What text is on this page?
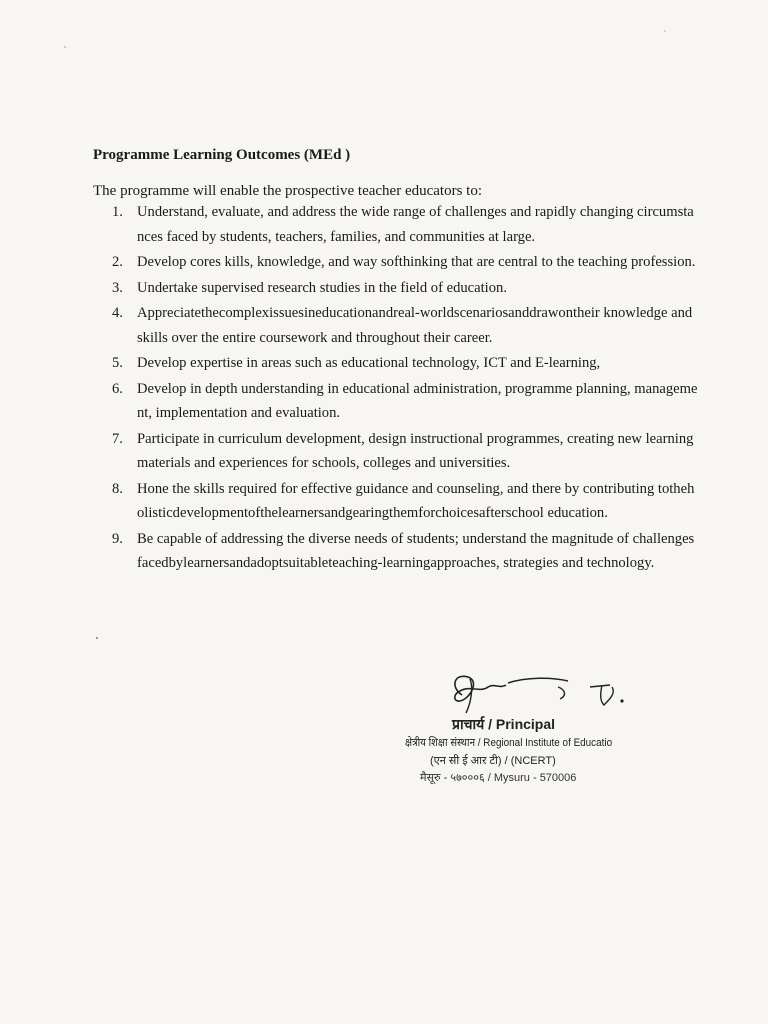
Programme Learning Outcomes (MEd )
The programme will enable the prospective teacher educators to:
1. Understand, evaluate, and address the wide range of challenges and rapidly changing circumstances faced by students, teachers, families, and communities at large.
2. Develop cores kills, knowledge, and way softhinking that are central to the teaching profession.
3. Undertake supervised research studies in the field of education.
4. Appreciatethecomplexissuesineducationandreal-worldscenariosanddrawontheir knowledge and skills over the entire coursework and throughout their career.
5. Develop expertise in areas such as educational technology, ICT and E-learning,
6. Develop in depth understanding in educational administration, programme planning, management, implementation and evaluation.
7. Participate in curriculum development, design instructional programmes, creating new learning materials and experiences for schools, colleges and universities.
8. Hone the skills required for effective guidance and counseling, and there by contributing totheholisticdevelopmentofthelearnersandgearingthemforchoicesafterschool education.
9. Be capable of addressing the diverse needs of students; understand the magnitude of challengesfacedbylearnersandadoptsuitableteaching-learningapproaches, strategies and technology.
प्राचार्य / Principal
क्षेत्रीय शिक्षा संस्थान / Regional Institute of Educatio
(एन सी ई आर टी) / (NCERT)
मैसूरु - ५७०००६ / Mysuru - 570006
